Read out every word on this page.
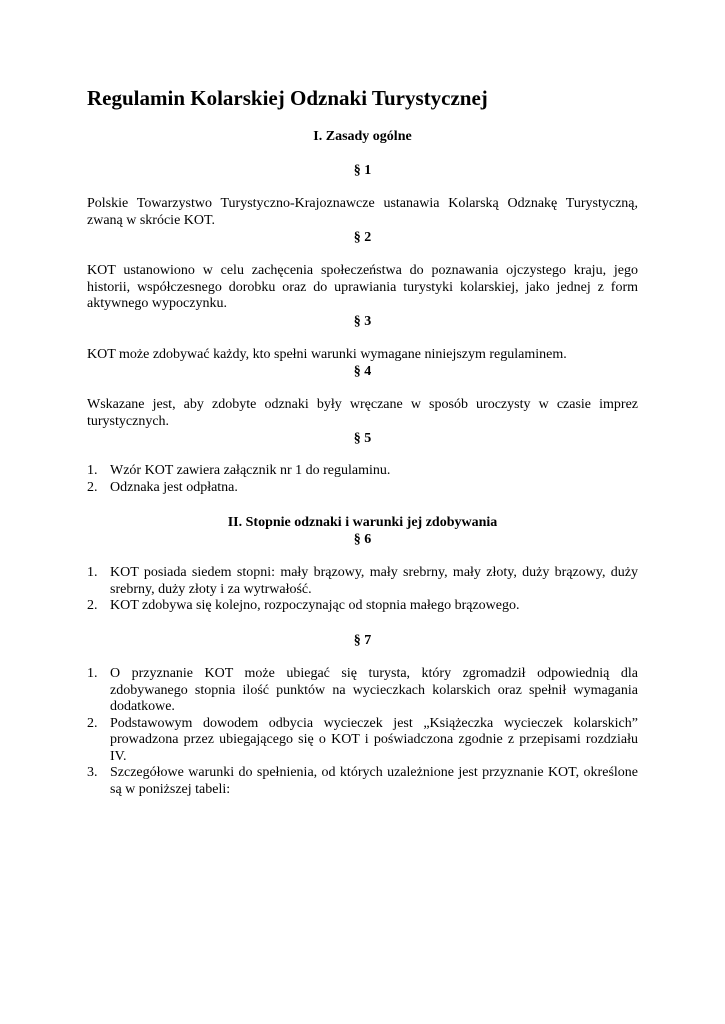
Regulamin Kolarskiej Odznaki Turystycznej
I. Zasady ogólne
§ 1
Polskie Towarzystwo Turystyczno-Krajoznawcze ustanawia Kolarską Odznakę Turystyczną, zwaną w skrócie KOT.
§ 2
KOT ustanowiono w celu zachęcenia społeczeństwa do poznawania ojczystego kraju, jego historii, współczesnego dorobku oraz do uprawiania turystyki kolarskiej, jako jednej z form aktywnego wypoczynku.
§ 3
KOT może zdobywać każdy, kto spełni warunki wymagane niniejszym regulaminem.
§ 4
Wskazane jest, aby zdobyte odznaki były wręczane w sposób uroczysty w czasie imprez turystycznych.
§ 5
1. Wzór KOT zawiera załącznik nr 1 do regulaminu.
2. Odznaka jest odpłatna.
II. Stopnie odznaki i warunki jej zdobywania
§ 6
1. KOT posiada siedem stopni: mały brązowy, mały srebrny, mały złoty, duży brązowy, duży srebrny, duży złoty i za wytrwałość.
2. KOT zdobywa się kolejno, rozpoczynając od stopnia małego brązowego.
§ 7
1. O przyznanie KOT może ubiegać się turysta, który zgromadził odpowiednią dla zdobywanego stopnia ilość punktów na wycieczkach kolarskich oraz spełnił wymagania dodatkowe.
2. Podstawowym dowodem odbycia wycieczek jest „Książeczka wycieczek kolarskich” prowadzona przez ubiegającego się o KOT i poświadczona zgodnie z przepisami rozdziału IV.
3. Szczegółowe warunki do spełnienia, od których uzależnione jest przyznanie KOT, określone są w poniższej tabeli:
